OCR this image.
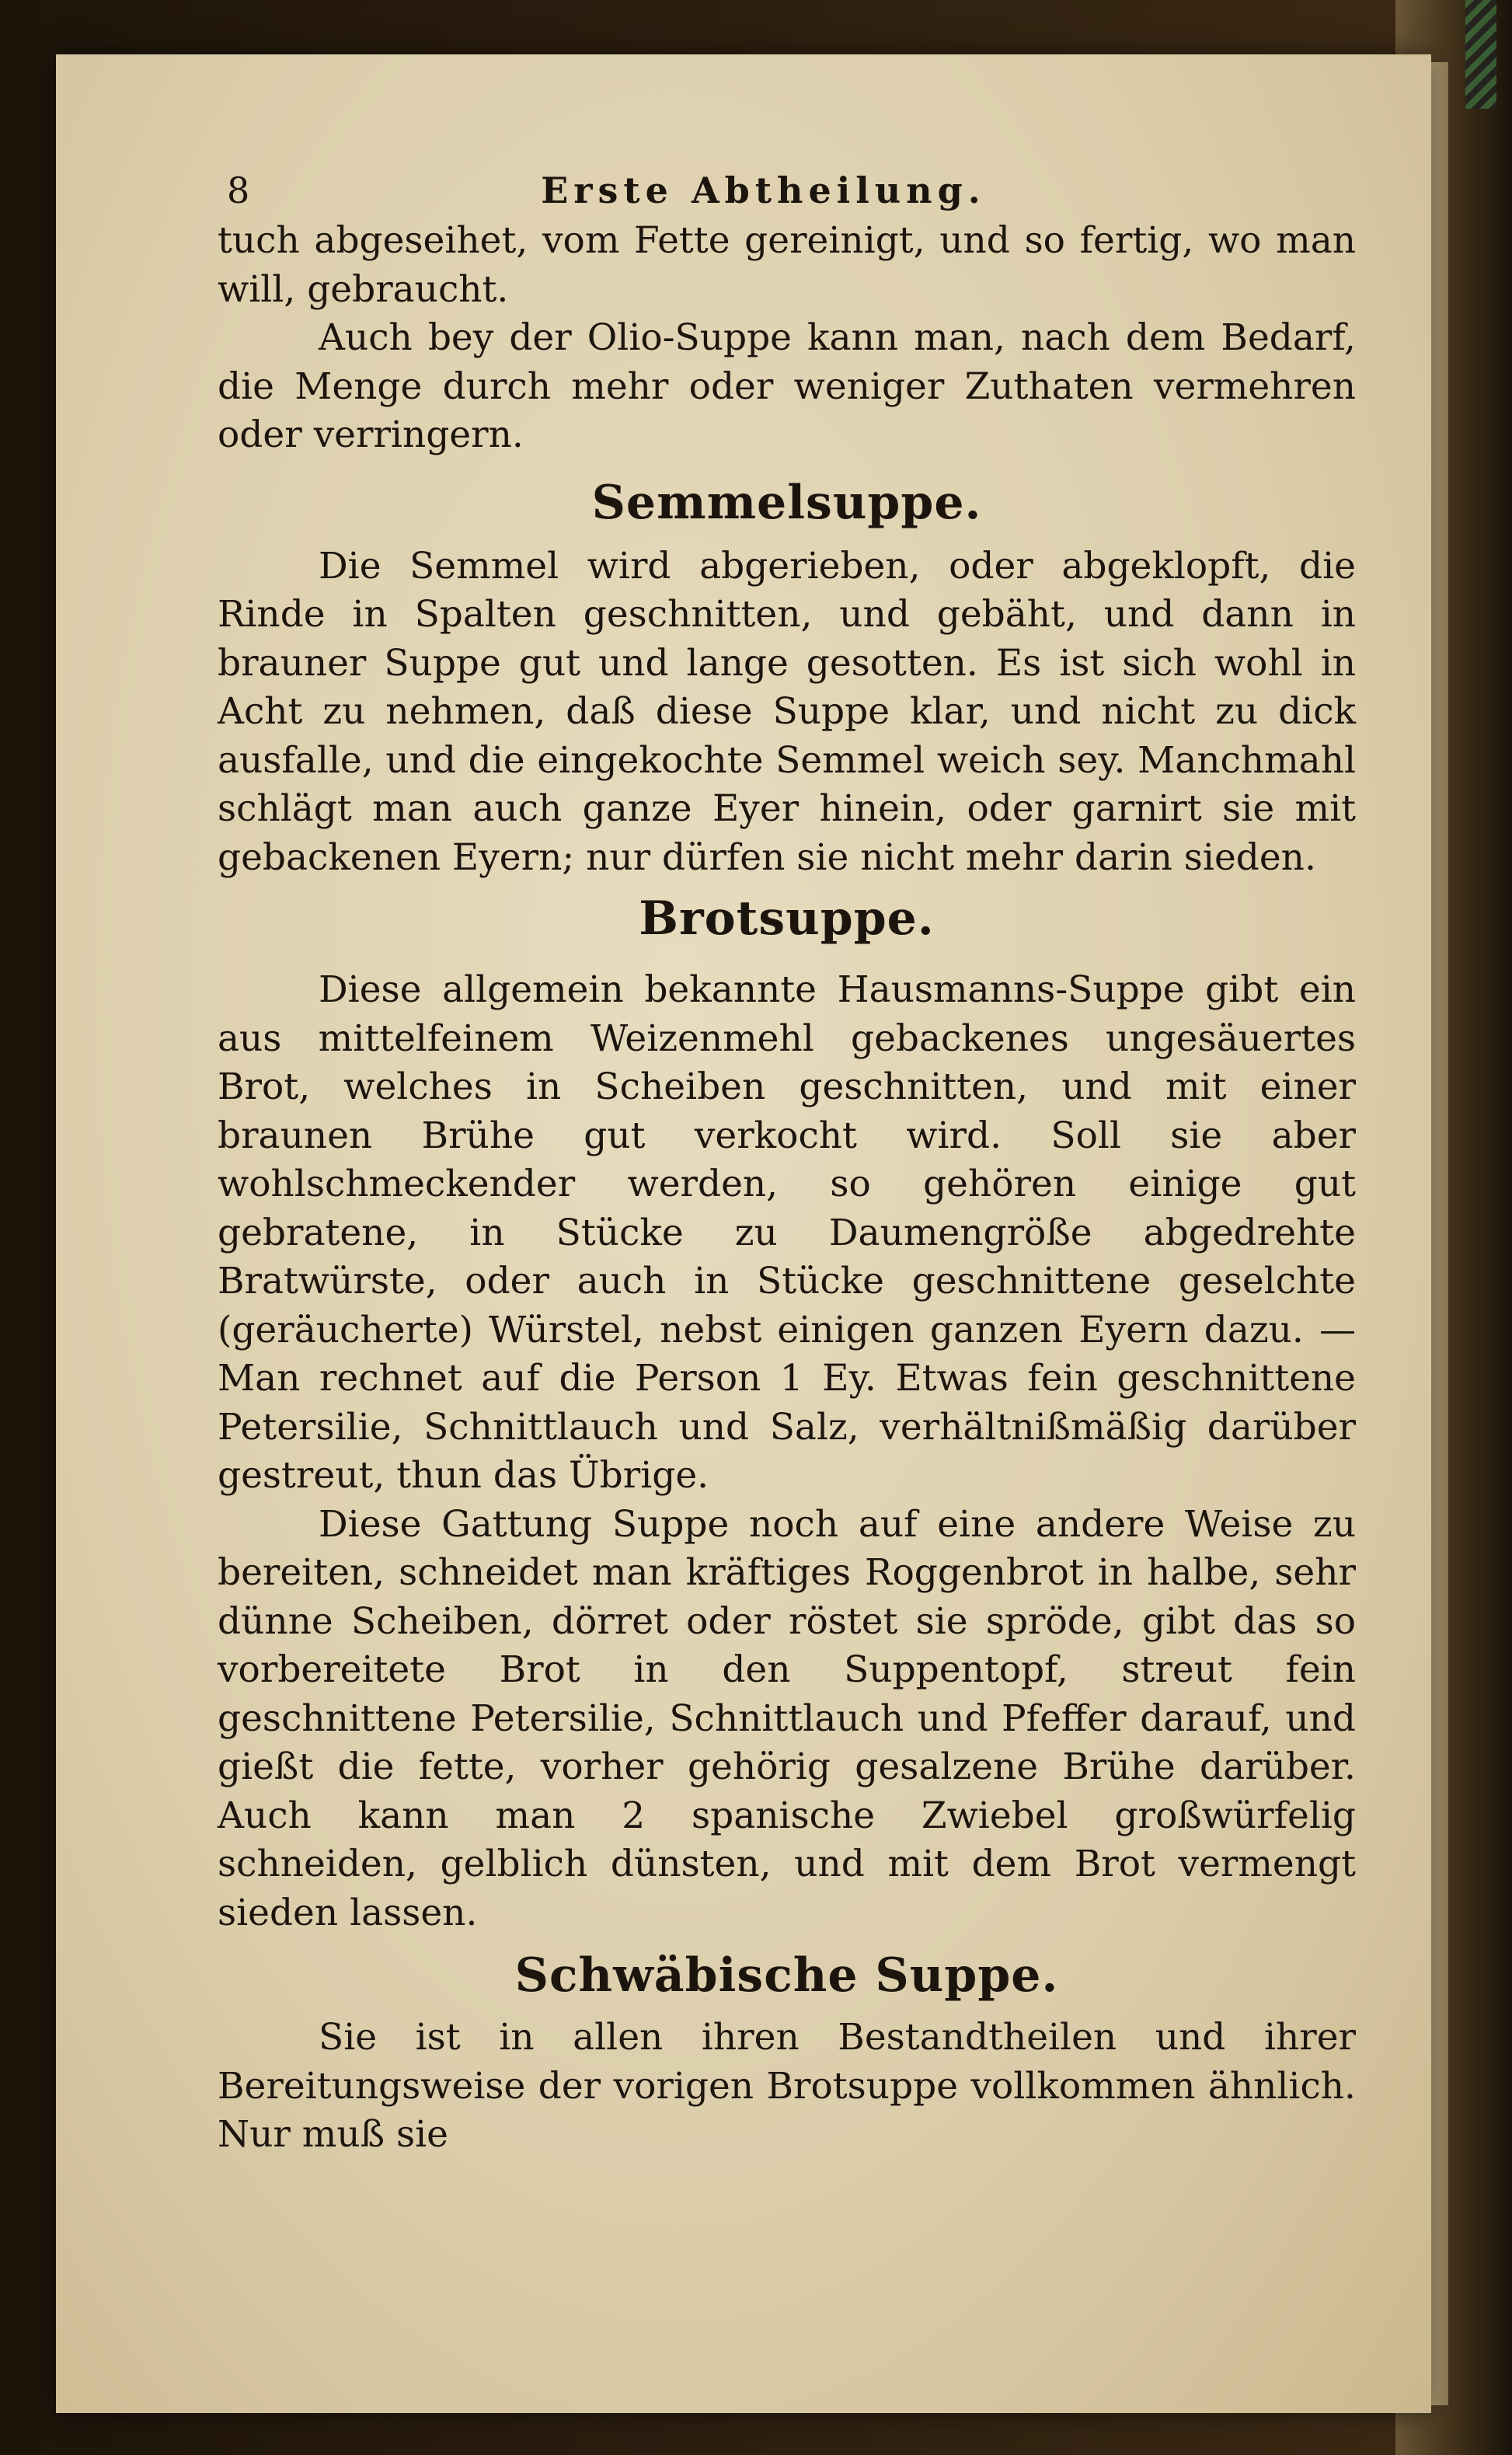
8	Erste Abtheilung.

tuch abgeseihet, vom Fette gereinigt, und so fertig, wo man will, gebraucht.

Auch bey der Olio-Suppe kann man, nach dem Bedarf, die Menge durch mehr oder weniger Zuthaten vermehren oder verringern.

Semmelsuppe.

Die Semmel wird abgerieben, oder abgeklopft, die Rinde in Spalten geschnitten, und gebäht, und dann in brauner Suppe gut und lange gesotten. Es ist sich wohl in Acht zu nehmen, daß diese Suppe klar, und nicht zu dick ausfalle, und die eingekochte Semmel weich sey. Manchmahl schlägt man auch ganze Eyer hinein, oder garnirt sie mit gebackenen Eyern; nur dürfen sie nicht mehr darin sieden.

Brotsuppe.

Diese allgemein bekannte Hausmanns-Suppe gibt ein aus mittelfeinem Weizenmehl gebackenes ungesäuertes Brot, welches in Scheiben geschnitten, und mit einer braunen Brühe gut verkocht wird. Soll sie aber wohlschmeckender werden, so gehören einige gut gebratene, in Stücke zu Daumengröße abgedrehte Bratwürste, oder auch in Stücke geschnittene geselchte (geräucherte) Würstel, nebst einigen ganzen Eyern dazu. — Man rechnet auf die Person 1 Ey. Etwas fein geschnittene Petersilie, Schnittlauch und Salz, verhältnißmäßig darüber gestreut, thun das Übrige.

Diese Gattung Suppe noch auf eine andere Weise zu bereiten, schneidet man kräftiges Roggenbrot in halbe, sehr dünne Scheiben, dörret oder röstet sie spröde, gibt das so vorbereitete Brot in den Suppentopf, streut fein geschnittene Petersilie, Schnittlauch und Pfeffer darauf, und gießt die fette, vorher gehörig gesalzene Brühe darüber. Auch kann man 2 spanische Zwiebel großwürfelig schneiden, gelblich dünsten, und mit dem Brot vermengt sieden lassen.

Schwäbische Suppe.

Sie ist in allen ihren Bestandtheilen und ihrer Bereitungsweise der vorigen Brotsuppe vollkommen ähnlich. Nur muß sie
